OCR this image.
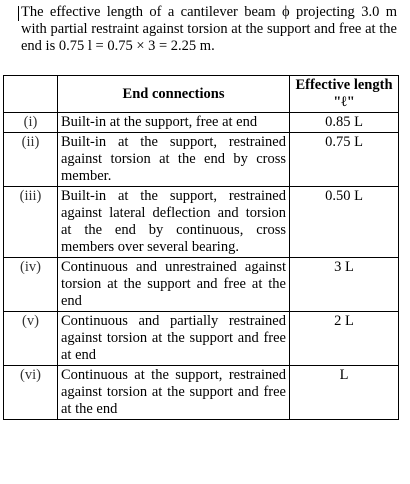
The effective length of a cantilever beam ϕ projecting 3.0 m with partial restraint against torsion at the support and free at the end is 0.75 l = 0.75 × 3 = 2.25 m.

	End connections	Effective length "ℓ"
(i)	Built-in at the support, free at end	0.85 L
(ii)	Built-in at the support, restrained against torsion at the end by cross member.	0.75 L
(iii)	Built-in at the support, restrained against lateral deflection and torsion at the end by continuous, cross members over several bearing.	0.50 L
(iv)	Continuous and unrestrained against torsion at the support and free at the end	3 L
(v)	Continuous and partially restrained against torsion at the support and free at end	2 L
(vi)	Continuous at the support, restrained against torsion at the support and free at the end	L
